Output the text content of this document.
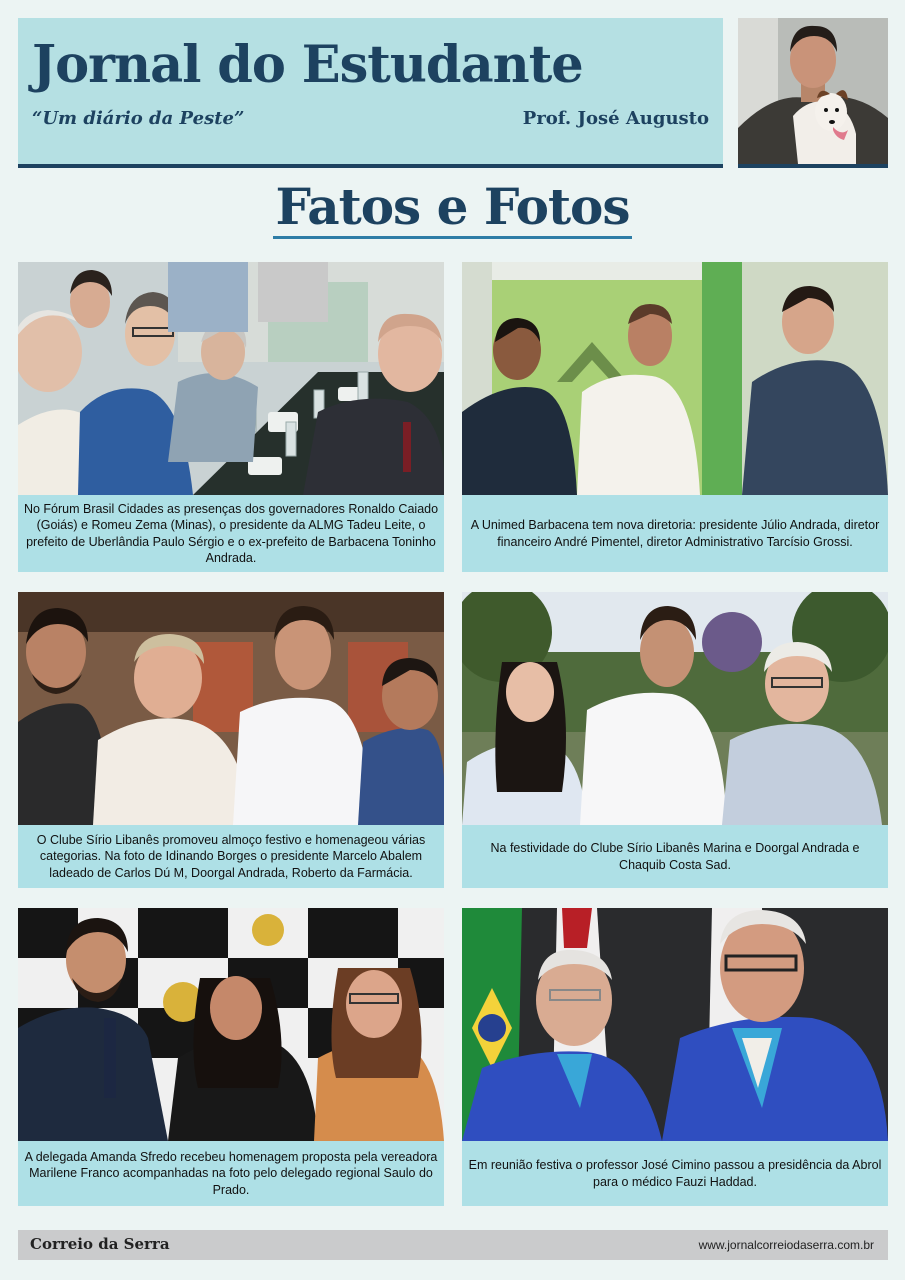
Jornal do Estudante
“Um diário da Peste”	Prof. José Augusto
Fatos e Fotos
No Fórum Brasil Cidades as presenças dos governadores Ronaldo Caiado (Goiás) e Romeu Zema (Minas), o presidente da ALMG Tadeu Leite, o prefeito de Uberlândia Paulo Sérgio e o ex-prefeito de Barbacena Toninho Andrada.
A Unimed Barbacena tem nova diretoria: presidente Júlio Andrada, diretor financeiro André Pimentel, diretor Administrativo Tarcísio Grossi.
O Clube Sírio Libanês promoveu almoço festivo e homenageou várias categorias. Na foto de Idinando Borges o presidente Marcelo Abalem ladeado de Carlos Dú M, Doorgal Andrada, Roberto da Farmácia.
Na festividade do Clube Sírio Libanês Marina e Doorgal Andrada e Chaquib Costa Sad.
A delegada Amanda Sfredo recebeu homenagem proposta pela vereadora Marilene Franco acompanhadas na foto pelo delegado regional Saulo do Prado.
Em reunião festiva o professor José Cimino passou a presidência da Abrol para o médico Fauzi Haddad.
Correio da Serra	www.jornalcorreiodaserra.com.br
